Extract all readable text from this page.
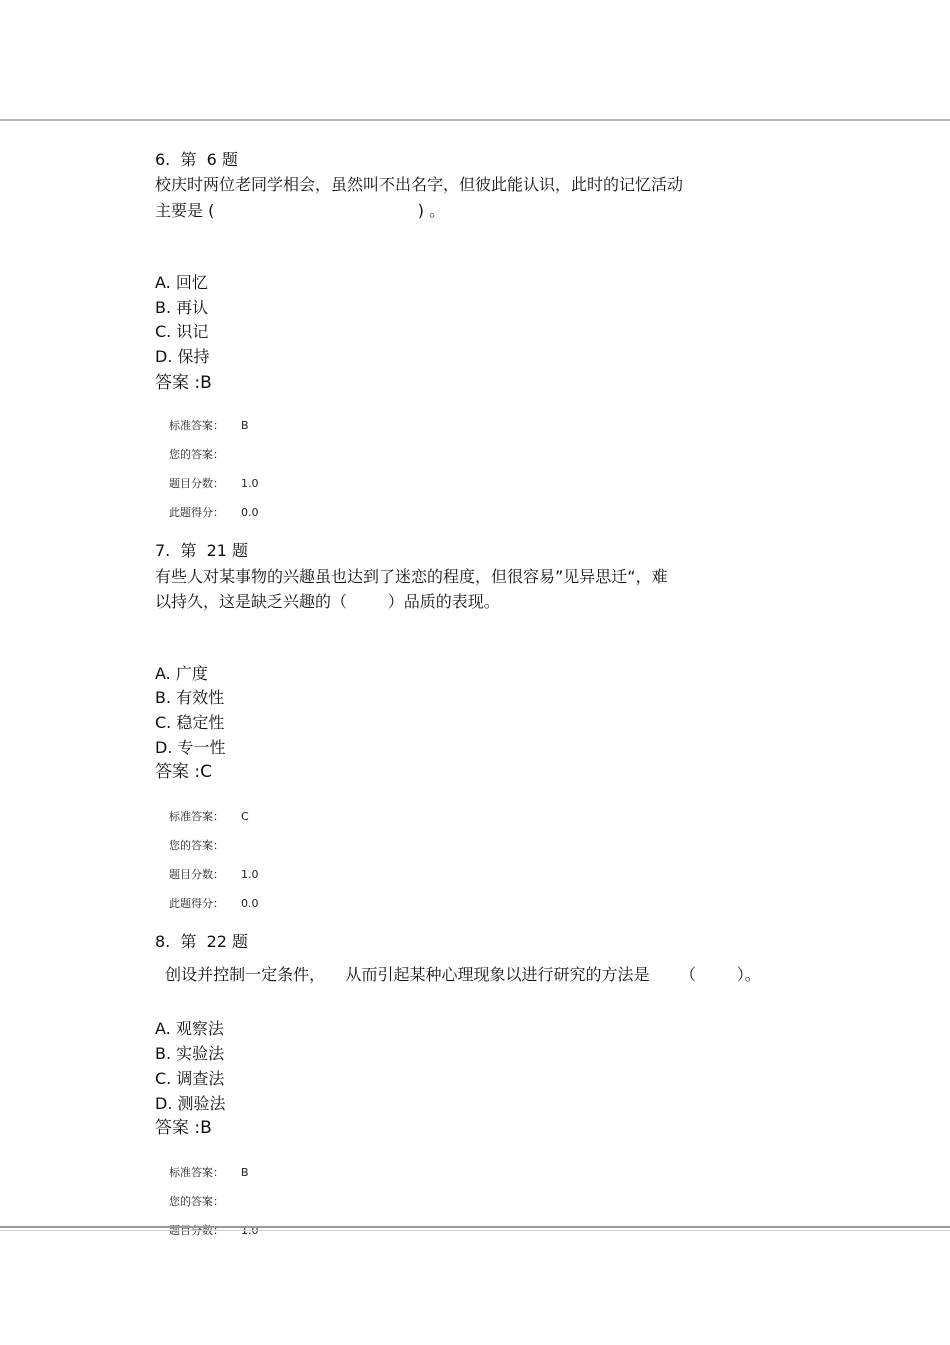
6.  第  6 题
校庆时两位老同学相会，虽然叫不出名字，但彼此能认识，此时的记忆活动
主要是 (                                        ) 。
A. 回忆
B. 再认
C. 识记
D. 保持
答案 :B

标准答案： B

您的答案：

题目分数： 1.0

此题得分： 0.0

7.  第  21 题
有些人对某事物的兴趣虽也达到了迷恋的程度，但很容易”见异思迁“，难
以持久，这是缺乏兴趣的（        ）品质的表现。
A. 广度
B. 有效性
C. 稳定性
D. 专一性
答案 :C

标准答案： C

您的答案：

题目分数： 1.0

此题得分： 0.0

8.  第  22 题
创设并控制一定条件，    从而引起某种心理现象以进行研究的方法是      （        ）。
A. 观察法
B. 实验法
C. 调查法
D. 测验法
答案 :B

标准答案： B

您的答案：

题目分数： 1.0
